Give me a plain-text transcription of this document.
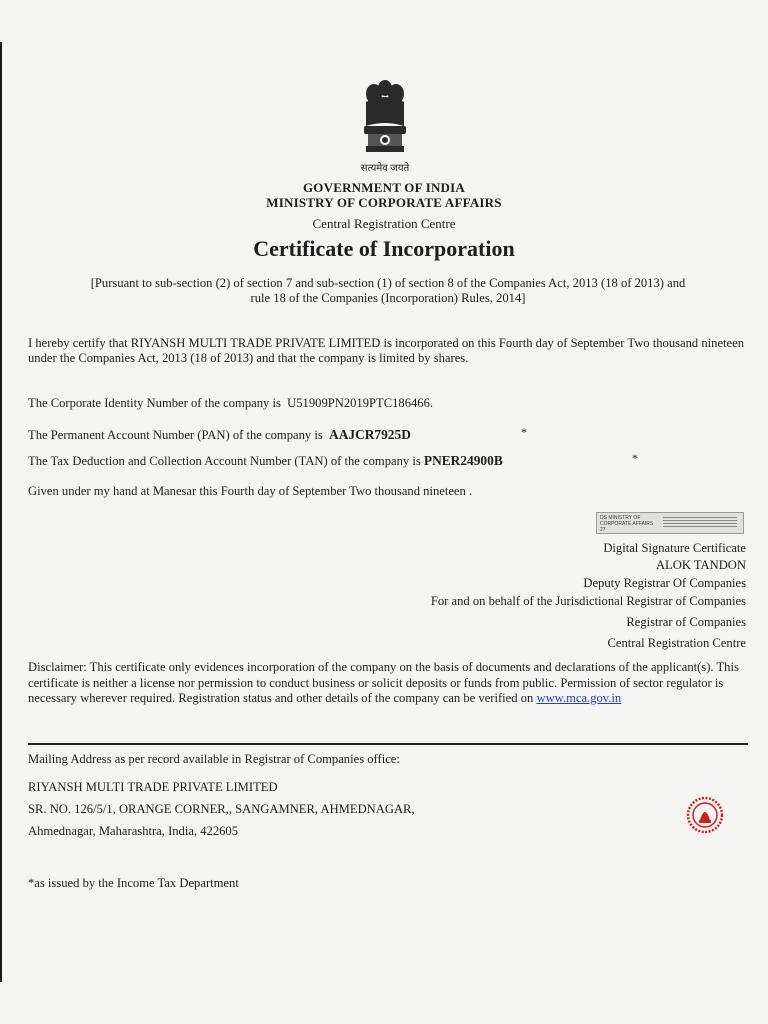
सत्यमेव जयते
GOVERNMENT OF INDIA
MINISTRY OF CORPORATE AFFAIRS
Central Registration Centre
Certificate of Incorporation
[Pursuant to sub-section (2) of section 7 and sub-section (1) of section 8 of the Companies Act, 2013 (18 of 2013) and
rule 18 of the Companies (Incorporation) Rules, 2014]
I hereby certify that RIYANSH MULTI TRADE PRIVATE LIMITED is incorporated on this Fourth day of September Two thousand nineteen under the Companies Act, 2013 (18 of 2013) and that the company is limited by shares.
The Corporate Identity Number of the company is U51909PN2019PTC186466.
The Permanent Account Number (PAN) of the company is AAJCR7925D	*
The Tax Deduction and Collection Account Number (TAN) of the company is PNER24900B	*
Given under my hand at Manesar this Fourth day of September Two thousand nineteen .
DS MINISTRY OF CORPORATE AFFAIRS 27
Digital Signature Certificate
ALOK TANDON
Deputy Registrar Of Companies
For and on behalf of the Jurisdictional Registrar of Companies
Registrar of Companies
Central Registration Centre
Disclaimer: This certificate only evidences incorporation of the company on the basis of documents and declarations of the applicant(s). This certificate is neither a license nor permission to conduct business or solicit deposits or funds from public. Permission of sector regulator is necessary wherever required. Registration status and other details of the company can be verified on www.mca.gov.in
Mailing Address as per record available in Registrar of Companies office:
RIYANSH MULTI TRADE PRIVATE LIMITED
SR. NO. 126/5/1, ORANGE CORNER,, SANGAMNER, AHMEDNAGAR,
Ahmednagar, Maharashtra, India, 422605
*as issued by the Income Tax Department
